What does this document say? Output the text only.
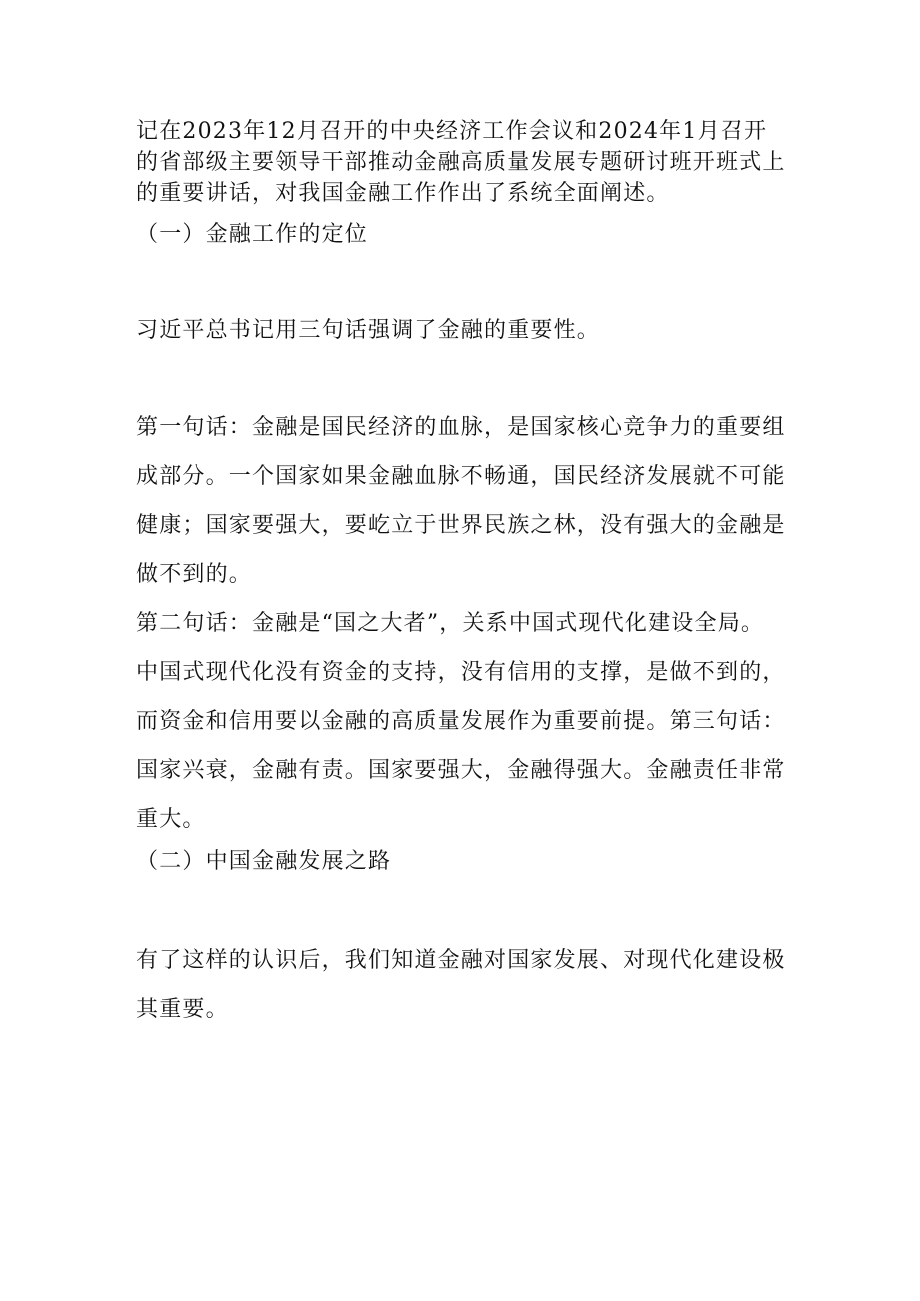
记在2023年12月召开的中央经济工作会议和2024年1月召开的省部级主要领导干部推动金融高质量发展专题研讨班开班式上的重要讲话，对我国金融工作作出了系统全面阐述。

（一）金融工作的定位

习近平总书记用三句话强调了金融的重要性。

第一句话：金融是国民经济的血脉，是国家核心竞争力的重要组成部分。一个国家如果金融血脉不畅通，国民经济发展就不可能健康；国家要强大，要屹立于世界民族之林，没有强大的金融是做不到的。

第二句话：金融是“国之大者”，关系中国式现代化建设全局。中国式现代化没有资金的支持，没有信用的支撑，是做不到的，而资金和信用要以金融的高质量发展作为重要前提。第三句话：国家兴衰，金融有责。国家要强大，金融得强大。金融责任非常重大。

（二）中国金融发展之路

有了这样的认识后，我们知道金融对国家发展、对现代化建设极其重要。
